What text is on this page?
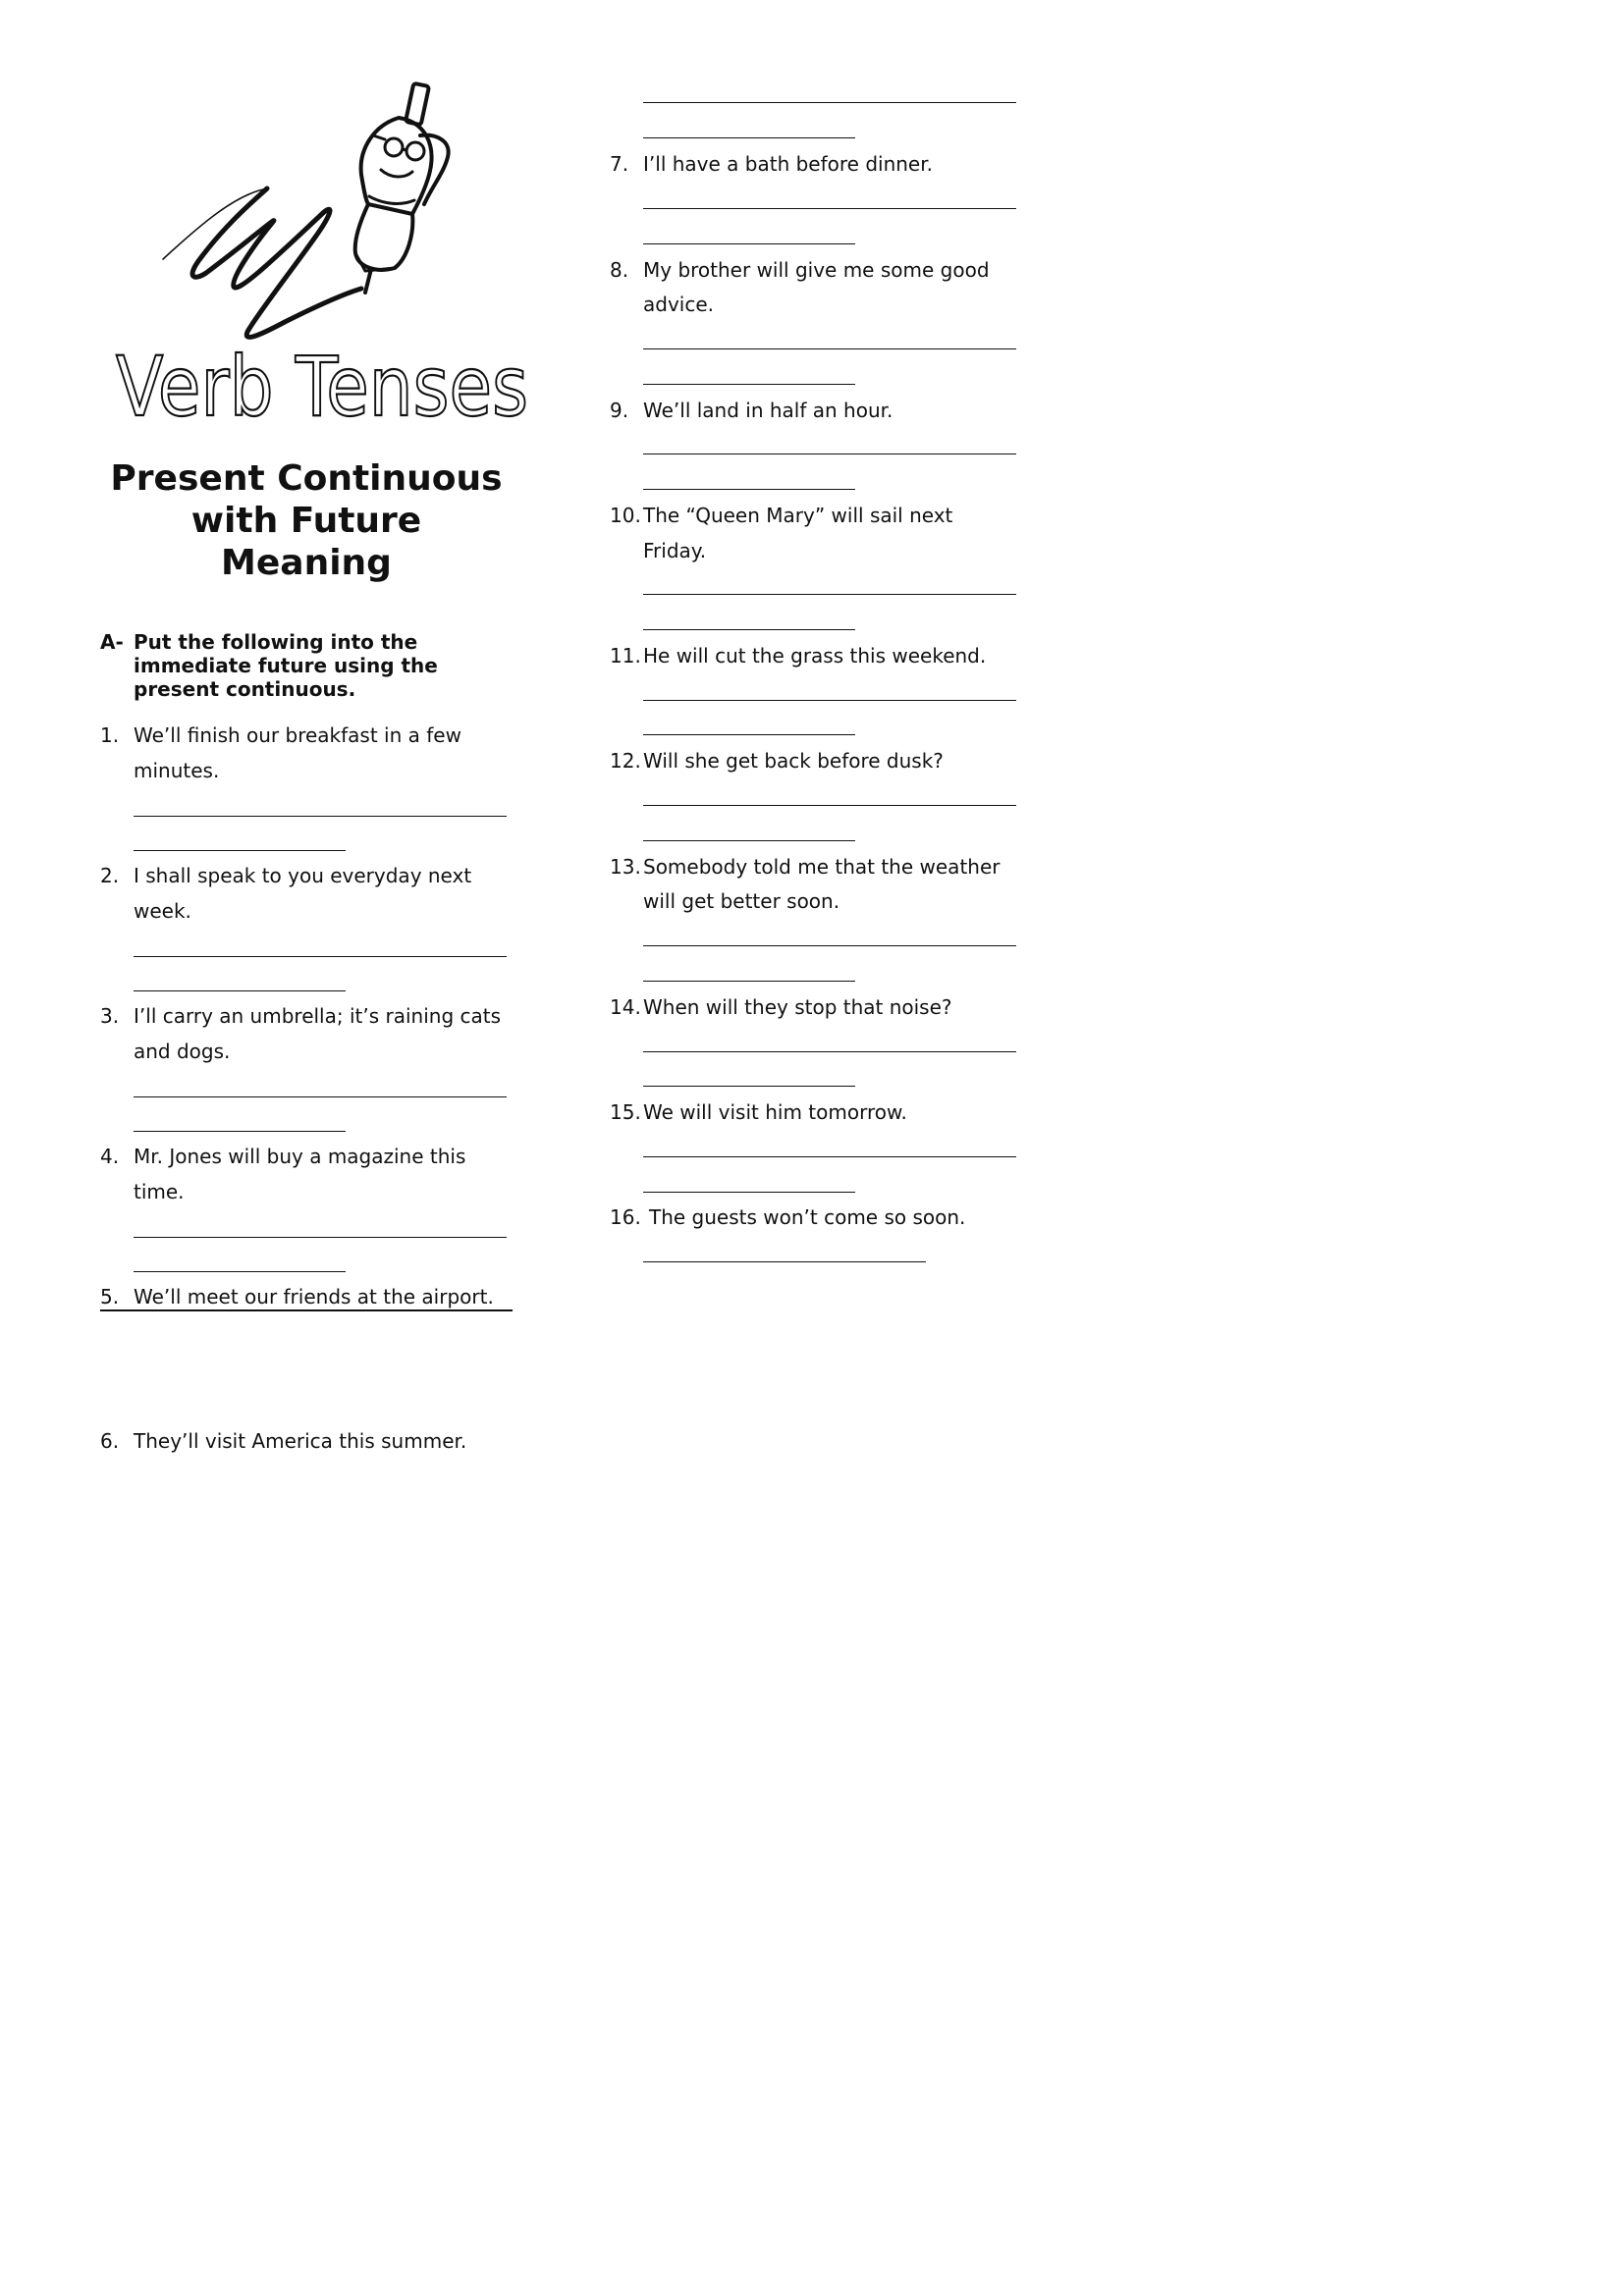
Verb Tenses
Present Continuous
with Future
Meaning
A- Put the following into the
immediate future using the
present continuous.
1. We’ll finish our breakfast in a few
minutes.
2. I shall speak to you everyday next
week.
3. I’ll carry an umbrella; it’s raining cats
and dogs.
4. Mr. Jones will buy a magazine this
time.
5. We’ll meet our friends at the airport.
6. They’ll visit America this summer.
7. I’ll have a bath before dinner.
8. My brother will give me some good
advice.
9. We’ll land in half an hour.
10. The “Queen Mary” will sail next
Friday.
11. He will cut the grass this weekend.
12. Will she get back before dusk?
13. Somebody told me that the weather
will get better soon.
14. When will they stop that noise?
15. We will visit him tomorrow.
16. The guests won’t come so soon.
